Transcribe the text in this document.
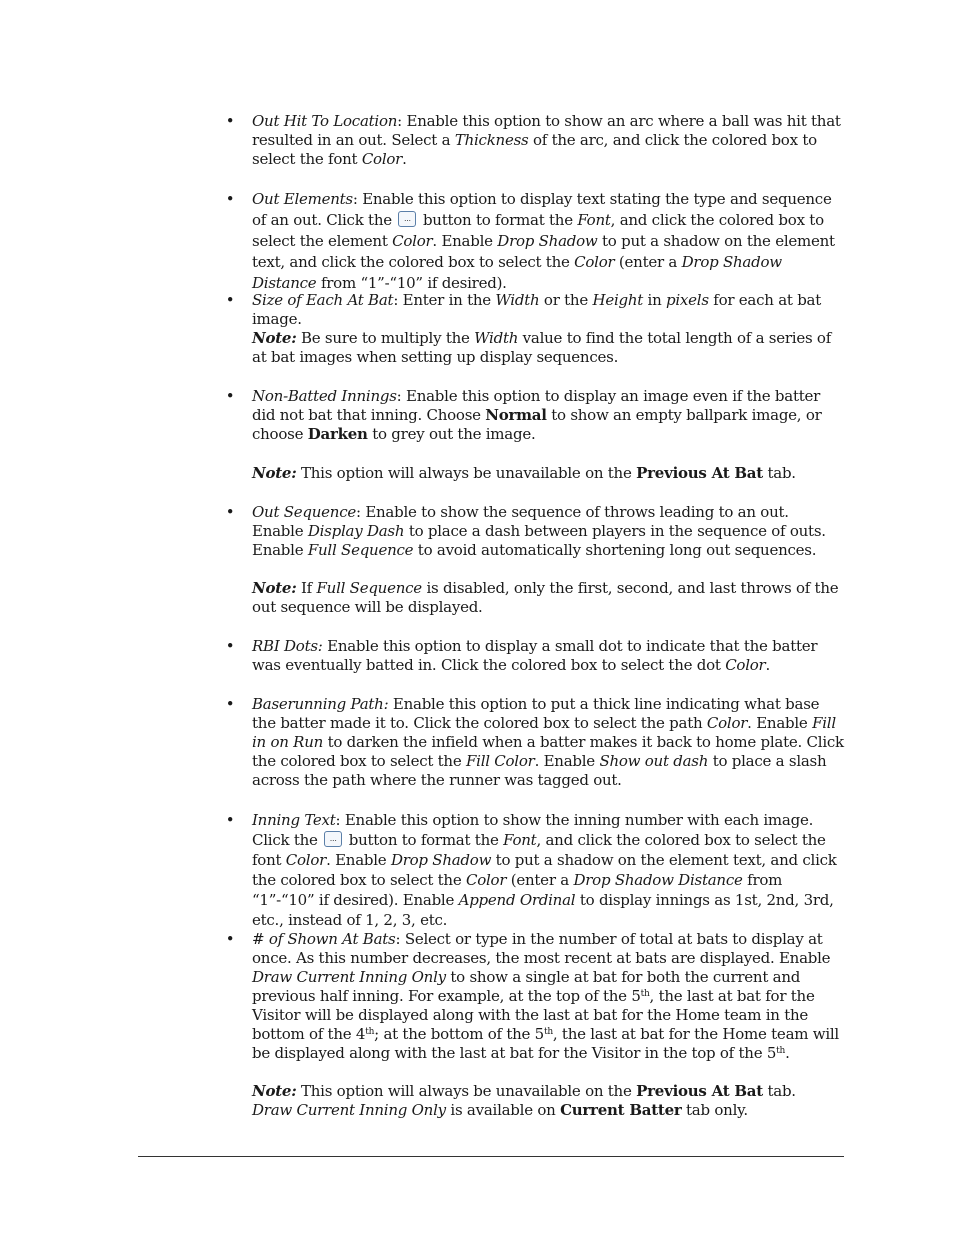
• Out Hit To Location: Enable this option to show an arc where a ball was hit that resulted in an out. Select a Thickness of the arc, and click the colored box to select the font Color.
• Out Elements: Enable this option to display text stating the type and sequence of an out. Click the	... button to format the Font, and click the colored box to select the element Color. Enable Drop Shadow to put a shadow on the element text, and click the colored box to select the Color (enter a Drop Shadow Distance from “1”-“10” if desired).
• Size of Each At Bat: Enter in the Width or the Height in pixels for each at bat image.
Note: Be sure to multiply the Width value to find the total length of a series of at bat images when setting up display sequences.
• Non-Batted Innings: Enable this option to display an image even if the batter did not bat that inning. Choose Normal to show an empty ballpark image, or choose Darken to grey out the image.
Note: This option will always be unavailable on the Previous At Bat tab.
• Out Sequence: Enable to show the sequence of throws leading to an out. Enable Display Dash to place a dash between players in the sequence of outs. Enable Full Sequence to avoid automatically shortening long out sequences.
Note: If Full Sequence is disabled, only the first, second, and last throws of the out sequence will be displayed.
• RBI Dots: Enable this option to display a small dot to indicate that the batter was eventually batted in. Click the colored box to select the dot Color.
• Baserunning Path: Enable this option to put a thick line indicating what base the batter made it to. Click the colored box to select the path Color. Enable Fill in on Run to darken the infield when a batter makes it back to home plate. Click the colored box to select the Fill Color. Enable Show out dash to place a slash across the path where the runner was tagged out.
• Inning Text: Enable this option to show the inning number with each image. Click the	... button to format the Font, and click the colored box to select the font Color. Enable Drop Shadow to put a shadow on the element text, and click the colored box to select the Color (enter a Drop Shadow Distance from “1”-“10” if desired). Enable Append Ordinal to display innings as 1st, 2nd, 3rd, etc., instead of 1, 2, 3, etc.
• # of Shown At Bats: Select or type in the number of total at bats to display at once. As this number decreases, the most recent at bats are displayed. Enable Draw Current Inning Only to show a single at bat for both the current and previous half inning. For example, at the top of the 5th, the last at bat for the Visitor will be displayed along with the last at bat for the Home team in the bottom of the 4th; at the bottom of the 5th, the last at bat for the Home team will be displayed along with the last at bat for the Visitor in the top of the 5th.
Note: This option will always be unavailable on the Previous At Bat tab.
Draw Current Inning Only is available on Current Batter tab only.
